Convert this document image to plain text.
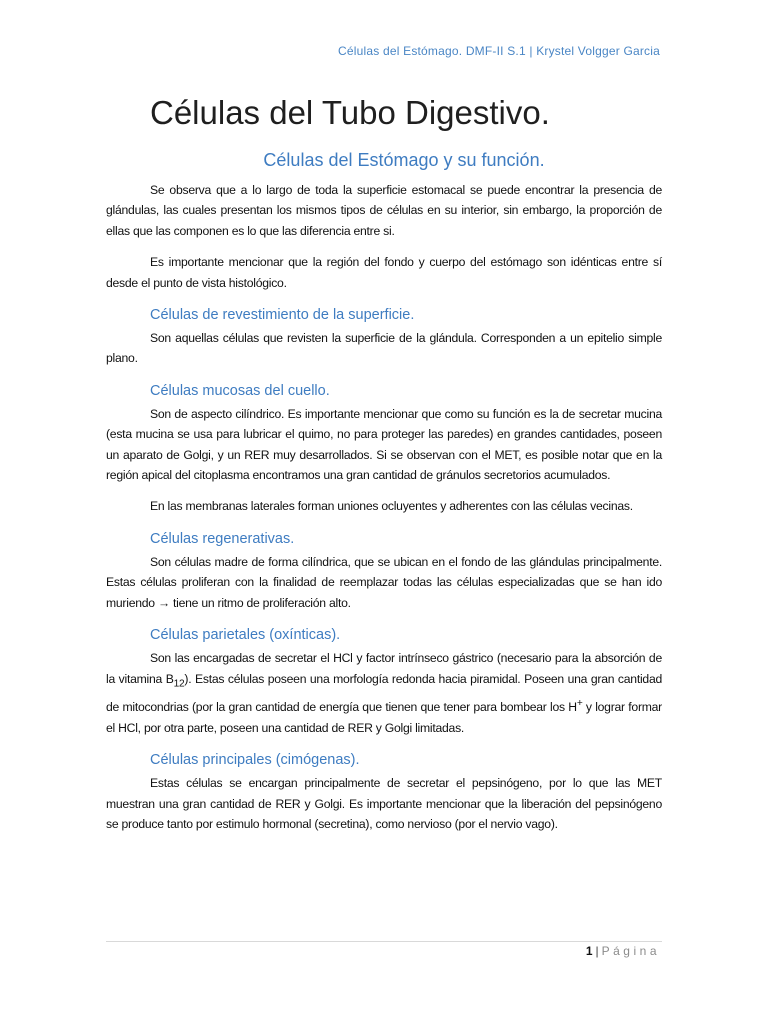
Células del Estómago. DMF-II S.1 | Krystel Volgger Garcia
Células del Tubo Digestivo.
Células del Estómago y su función.

Se observa que a lo largo de toda la superficie estomacal se puede encontrar la presencia de glándulas, las cuales presentan los mismos tipos de células en su interior, sin embargo, la proporción de ellas que las componen es lo que las diferencia entre si.

Es importante mencionar que la región del fondo y cuerpo del estómago son idénticas entre sí desde el punto de vista histológico.

Células de revestimiento de la superficie.

Son aquellas células que revisten la superficie de la glándula. Corresponden a un epitelio simple plano.

Células mucosas del cuello.

Son de aspecto cilíndrico. Es importante mencionar que como su función es la de secretar mucina (esta mucina se usa para lubricar el quimo, no para proteger las paredes) en grandes cantidades, poseen un aparato de Golgi, y un RER muy desarrollados. Si se observan con el MET, es posible notar que en la región apical del citoplasma encontramos una gran cantidad de gránulos secretorios acumulados.

En las membranas laterales forman uniones ocluyentes y adherentes con las células vecinas.

Células regenerativas.

Son células madre de forma cilíndrica, que se ubican en el fondo de las glándulas principalmente. Estas células proliferan con la finalidad de reemplazar todas las células especializadas que se han ido muriendo → tiene un ritmo de proliferación alto.

Células parietales (oxínticas).

Son las encargadas de secretar el HCl y factor intrínseco gástrico (necesario para la absorción de la vitamina $B_{12}$). Estas células poseen una morfología redonda hacia piramidal. Poseen una gran cantidad de mitocondrias (por la gran cantidad de energía que tienen que tener para bombear los H+ y lograr formar el HCl, por otra parte, poseen una cantidad de RER y Golgi limitadas.

Células principales (cimógenas).

Estas células se encargan principalmente de secretar el pepsinógeno, por lo que las MET muestran una gran cantidad de RER y Golgi. Es importante mencionar que la liberación del pepsinógeno se produce tanto por estimulo hormonal (secretina), como nervioso (por el nervio vago).

1 | Página
